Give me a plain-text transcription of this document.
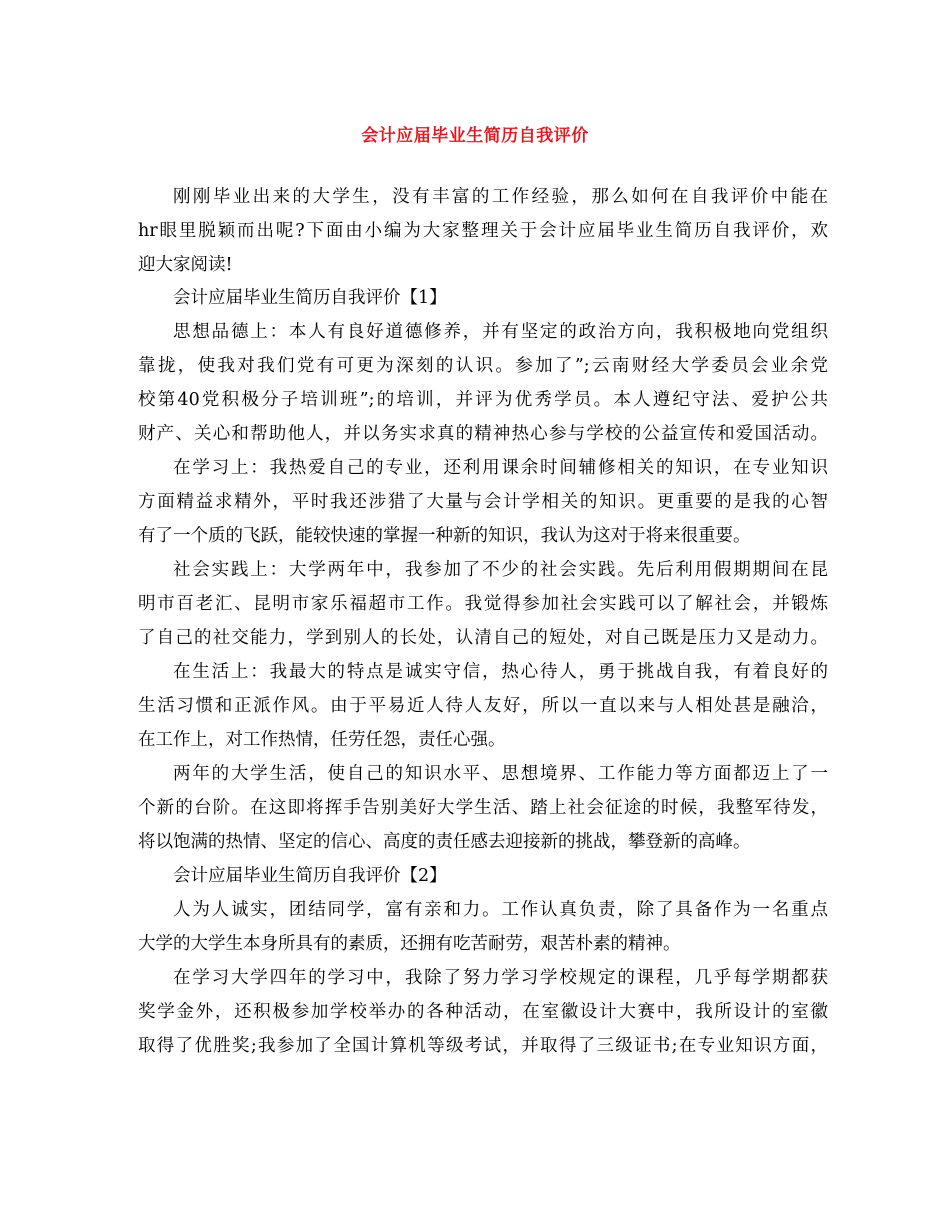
会计应届毕业生简历自我评价
刚刚毕业出来的大学生，没有丰富的工作经验，那么如何在自我评价中能在
hr眼里脱颖而出呢?下面由小编为大家整理关于会计应届毕业生简历自我评价，欢
迎大家阅读!
会计应届毕业生简历自我评价【1】
思想品德上：本人有良好道德修养，并有坚定的政治方向，我积极地向党组织
靠拢，使我对我们党有可更为深刻的认识。参加了”;云南财经大学委员会业余党
校第40党积极分子培训班”;的培训，并评为优秀学员。本人遵纪守法、爱护公共
财产、关心和帮助他人，并以务实求真的精神热心参与学校的公益宣传和爱国活动。
在学习上：我热爱自己的专业，还利用课余时间辅修相关的知识，在专业知识
方面精益求精外，平时我还涉猎了大量与会计学相关的知识。更重要的是我的心智
有了一个质的飞跃，能较快速的掌握一种新的知识，我认为这对于将来很重要。
社会实践上：大学两年中，我参加了不少的社会实践。先后利用假期期间在昆
明市百老汇、昆明市家乐福超市工作。我觉得参加社会实践可以了解社会，并锻炼
了自己的社交能力，学到别人的长处，认清自己的短处，对自己既是压力又是动力。
在生活上：我最大的特点是诚实守信，热心待人，勇于挑战自我，有着良好的
生活习惯和正派作风。由于平易近人待人友好，所以一直以来与人相处甚是融洽，
在工作上，对工作热情，任劳任怨，责任心强。
两年的大学生活，使自己的知识水平、思想境界、工作能力等方面都迈上了一
个新的台阶。在这即将挥手告别美好大学生活、踏上社会征途的时候，我整军待发，
将以饱满的热情、坚定的信心、高度的责任感去迎接新的挑战，攀登新的高峰。
会计应届毕业生简历自我评价【2】
人为人诚实，团结同学，富有亲和力。工作认真负责，除了具备作为一名重点
大学的大学生本身所具有的素质，还拥有吃苦耐劳，艰苦朴素的精神。
在学习大学四年的学习中，我除了努力学习学校规定的课程，几乎每学期都获
奖学金外，还积极参加学校举办的各种活动，在室徽设计大赛中，我所设计的室徽
取得了优胜奖;我参加了全国计算机等级考试，并取得了三级证书;在专业知识方面，
